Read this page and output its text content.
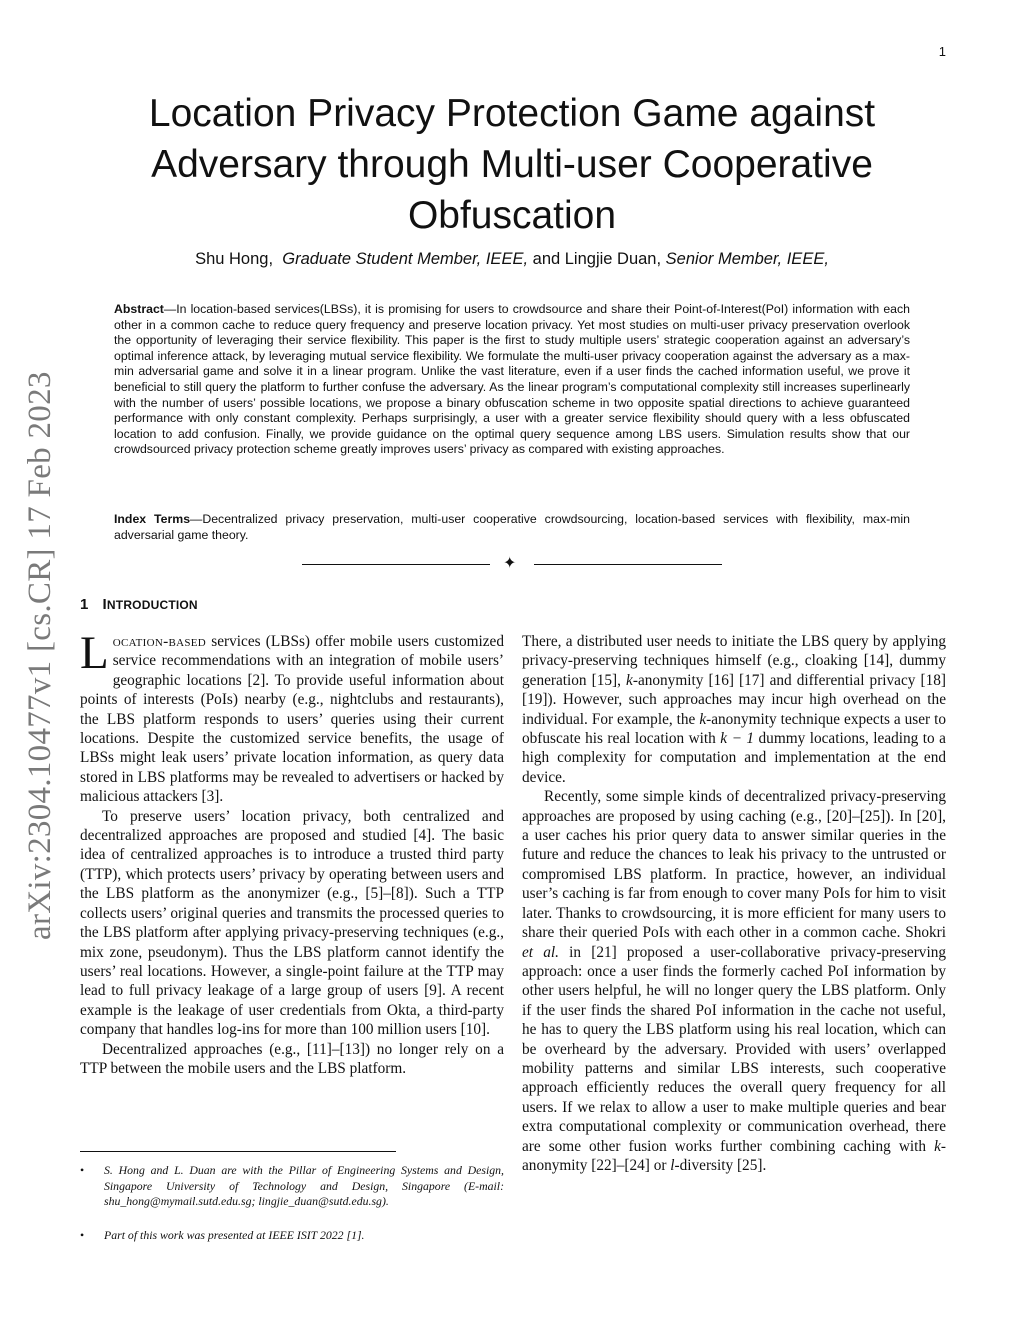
1
arXiv:2304.10477v1 [cs.CR] 17 Feb 2023
Location Privacy Protection Game against
Adversary through Multi-user Cooperative
Obfuscation
Shu Hong, Graduate Student Member, IEEE, and Lingjie Duan, Senior Member, IEEE,

Abstract—In location-based services(LBSs), it is promising for users to crowdsource and share their Point-of-Interest(PoI) information with each other in a common cache to reduce query frequency and preserve location privacy. Yet most studies on multi-user privacy preservation overlook the opportunity of leveraging their service flexibility. This paper is the first to study multiple users’ strategic cooperation against an adversary’s optimal inference attack, by leveraging mutual service flexibility. We formulate the multi-user privacy cooperation against the adversary as a max-min adversarial game and solve it in a linear program. Unlike the vast literature, even if a user finds the cached information useful, we prove it beneficial to still query the platform to further confuse the adversary. As the linear program’s computational complexity still increases superlinearly with the number of users’ possible locations, we propose a binary obfuscation scheme in two opposite spatial directions to achieve guaranteed performance with only constant complexity. Perhaps surprisingly, a user with a greater service flexibility should query with a less obfuscated location to add confusion. Finally, we provide guidance on the optimal query sequence among LBS users. Simulation results show that our crowdsourced privacy protection scheme greatly improves users’ privacy as compared with existing approaches.

Index Terms—Decentralized privacy preservation, multi-user cooperative crowdsourcing, location-based services with flexibility, max-min adversarial game theory.

✦
1 INTRODUCTION

Location-based services (LBSs) offer mobile users customized service recommendations with an integration of mobile users’ geographic locations [2]. To provide useful information about points of interests (PoIs) nearby (e.g., nightclubs and restaurants), the LBS platform responds to users’ queries using their current locations. Despite the customized service benefits, the usage of LBSs might leak users’ private location information, as query data stored in LBS platforms may be revealed to advertisers or hacked by malicious attackers [3].

To preserve users’ location privacy, both centralized and decentralized approaches are proposed and studied [4]. The basic idea of centralized approaches is to introduce a trusted third party (TTP), which protects users’ privacy by operating between users and the LBS platform as the anonymizer (e.g., [5]–[8]). Such a TTP collects users’ original queries and transmits the processed queries to the LBS platform after applying privacy-preserving techniques (e.g., mix zone, pseudonym). Thus the LBS platform cannot identify the users’ real locations. However, a single-point failure at the TTP may lead to full privacy leakage of a large group of users [9]. A recent example is the leakage of user credentials from Okta, a third-party company that handles log-ins for more than 100 million users [10].

Decentralized approaches (e.g., [11]–[13]) no longer rely on a TTP between the mobile users and the LBS platform.

• S. Hong and L. Duan are with the Pillar of Engineering Systems and Design, Singapore University of Technology and Design, Singapore (E-mail: shu_hong@mymail.sutd.edu.sg; lingjie_duan@sutd.edu.sg).

• Part of this work was presented at IEEE ISIT 2022 [1].

There, a distributed user needs to initiate the LBS query by applying privacy-preserving techniques himself (e.g., cloaking [14], dummy generation [15], k-anonymity [16] [17] and differential privacy [18] [19]). However, such approaches may incur high overhead on the individual. For example, the k-anonymity technique expects a user to obfuscate his real location with k − 1 dummy locations, leading to a high complexity for computation and implementation at the end device.

Recently, some simple kinds of decentralized privacy-preserving approaches are proposed by using caching (e.g., [20]–[25]). In [20], a user caches his prior query data to answer similar queries in the future and reduce the chances to leak his privacy to the untrusted or compromised LBS platform. In practice, however, an individual user’s caching is far from enough to cover many PoIs for him to visit later. Thanks to crowdsourcing, it is more efficient for many users to share their queried PoIs with each other in a common cache. Shokri et al. in [21] proposed a user-collaborative privacy-preserving approach: once a user finds the formerly cached PoI information by other users helpful, he will no longer query the LBS platform. Only if the user finds the shared PoI information in the cache not useful, he has to query the LBS platform using his real location, which can be overheard by the adversary. Provided with users’ overlapped mobility patterns and similar LBS interests, such cooperative approach efficiently reduces the overall query frequency for all users. If we relax to allow a user to make multiple queries and bear extra computational complexity or communication overhead, there are some other fusion works further combining caching with k-anonymity [22]–[24] or l-diversity [25].
